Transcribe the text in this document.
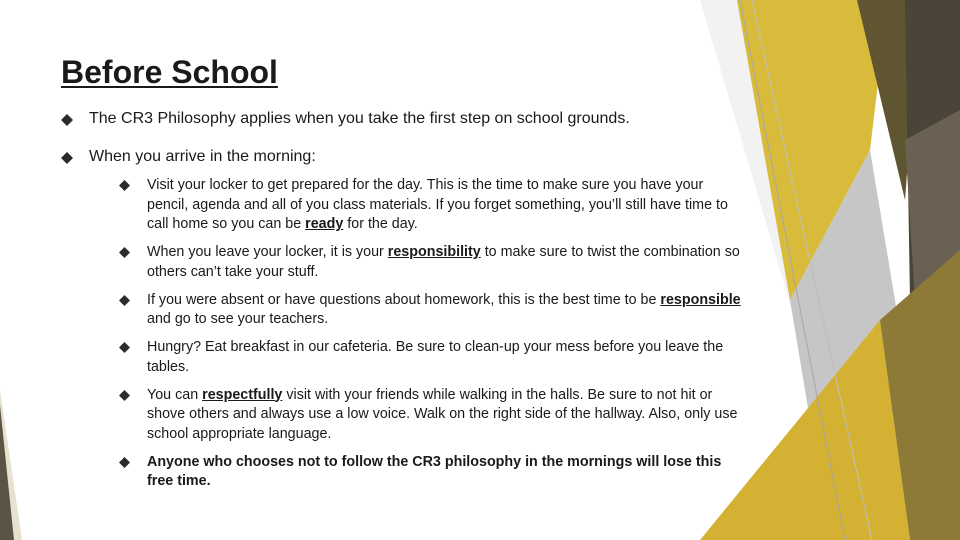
Before School
The CR3 Philosophy applies when you take the first step on school grounds.
When you arrive in the morning:
Visit your locker to get prepared for the day. This is the time to make sure you have your pencil, agenda and all of you class materials. If you forget something, you’ll still have time to call home so you can be ready for the day.
When you leave your locker, it is your responsibility to make sure to twist the combination so others can’t take your stuff.
If you were absent or have questions about homework, this is the best time to be responsible and go to see your teachers.
Hungry? Eat breakfast in our cafeteria. Be sure to clean-up your mess before you leave the tables.
You can respectfully visit with your friends while walking in the halls. Be sure to not hit or shove others and always use a low voice. Walk on the right side of the hallway. Also, only use school appropriate language.
Anyone who chooses not to follow the CR3 philosophy in the mornings will lose this free time.
